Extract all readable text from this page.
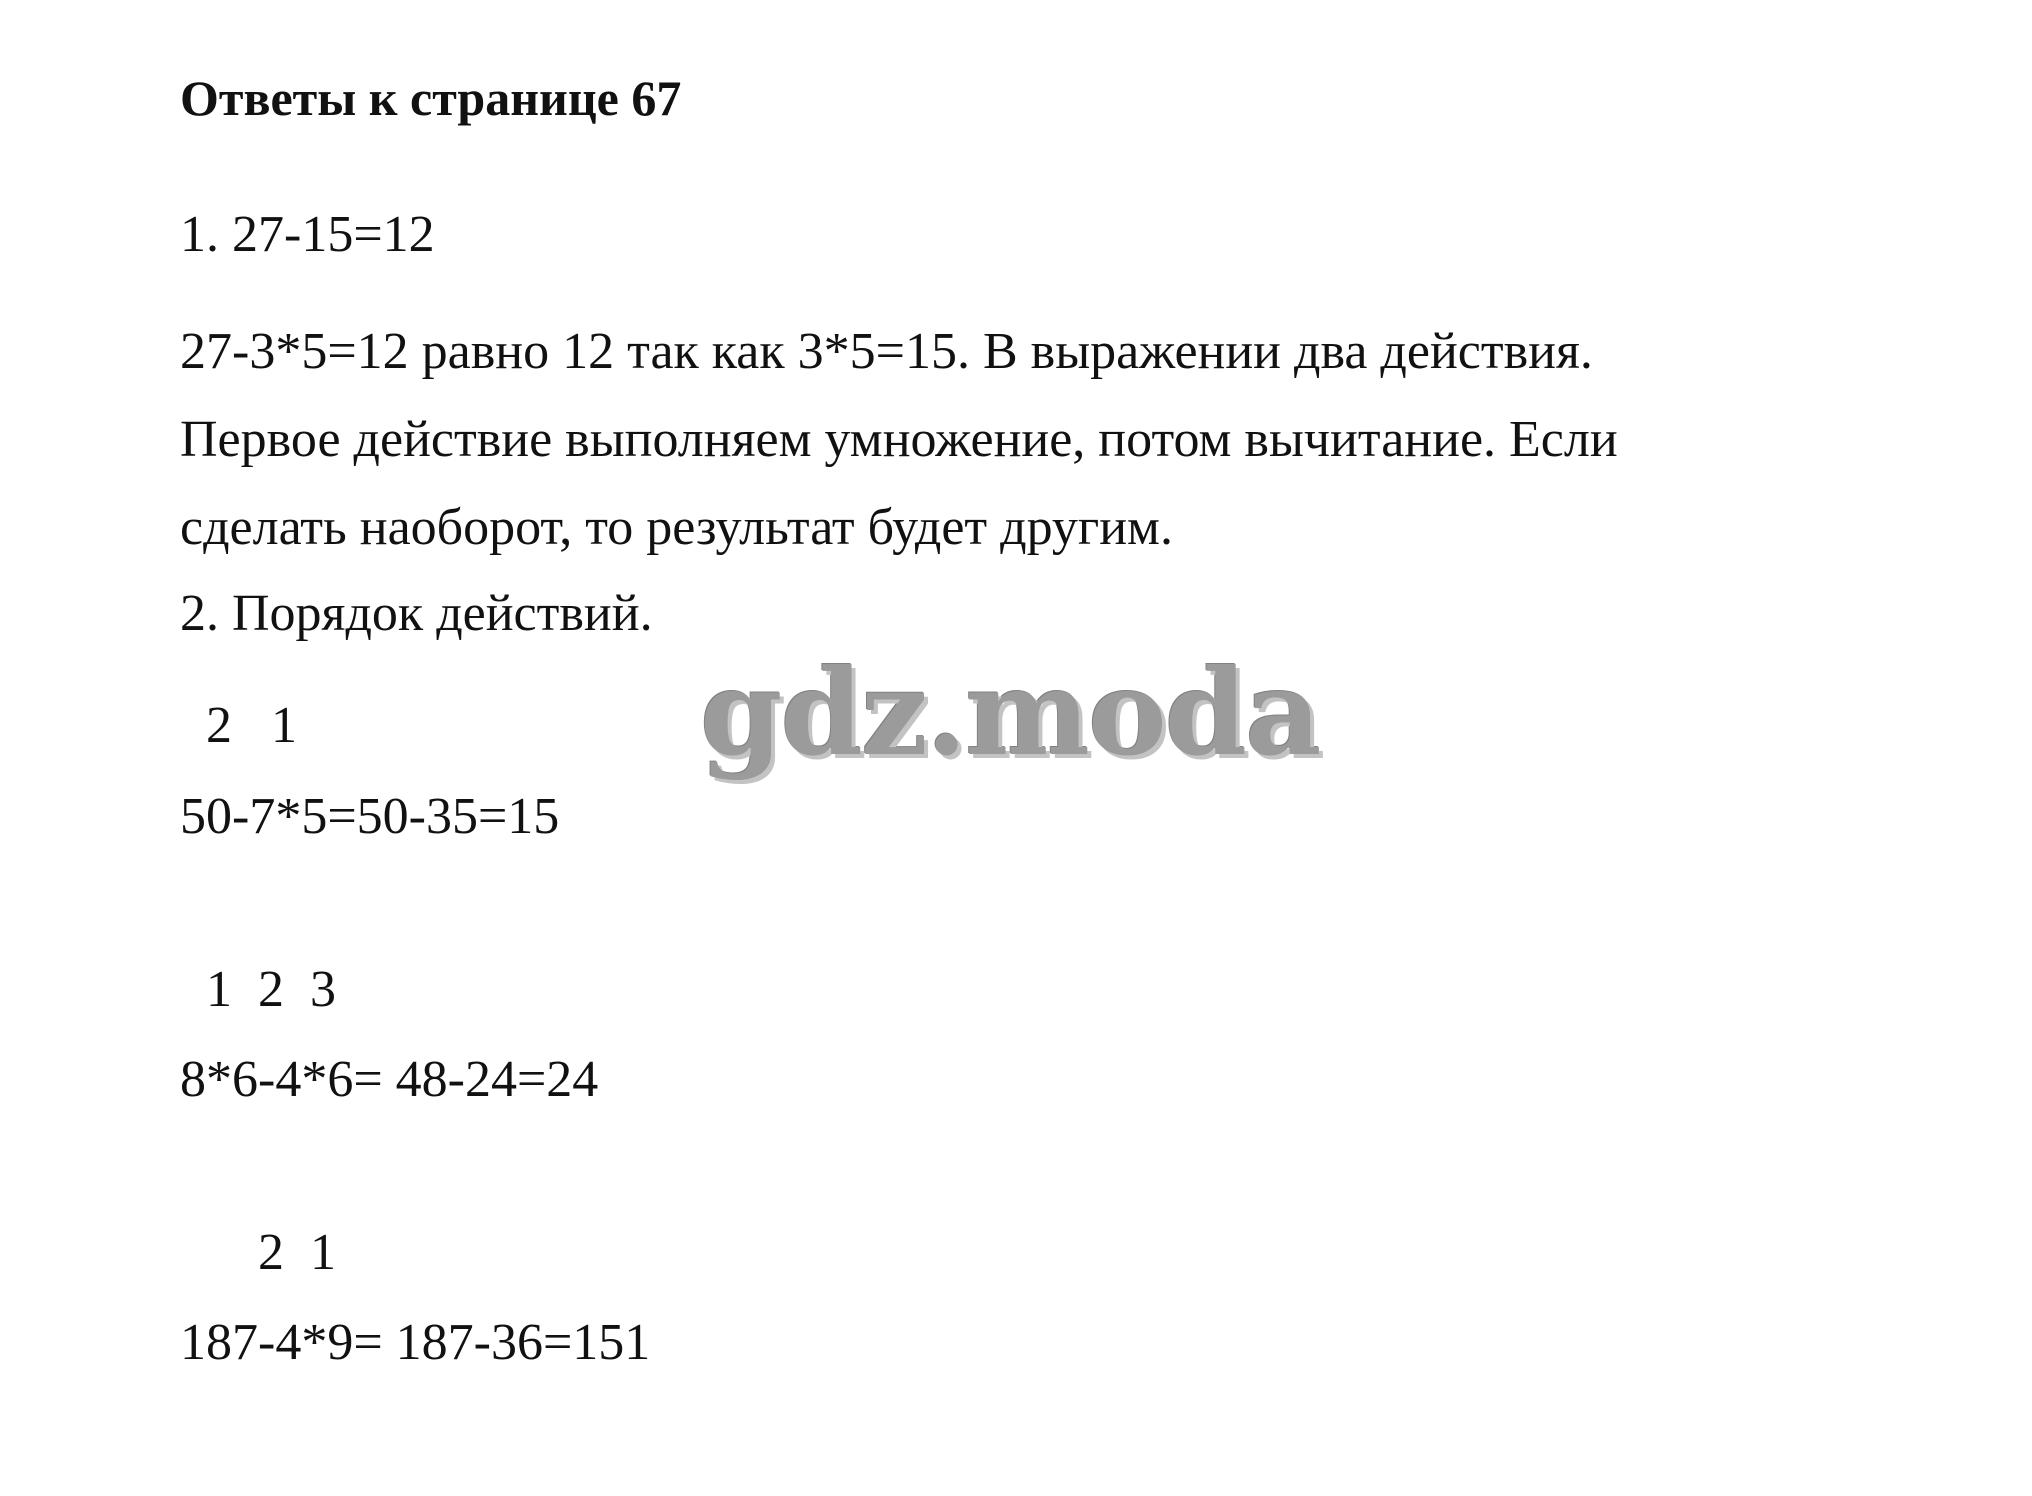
Ответы к странице 67
1. 27-15=12
27-3*5=12 равно 12 так как 3*5=15. В выражении два действия.
Первое действие выполняем умножение, потом вычитание. Если
сделать наоборот, то результат будет другим.
2. Порядок действий.
2   1
50-7*5=50-35=15
1  2  3
8*6-4*6= 48-24=24
2  1
187-4*9= 187-36=151
gdz.moda
